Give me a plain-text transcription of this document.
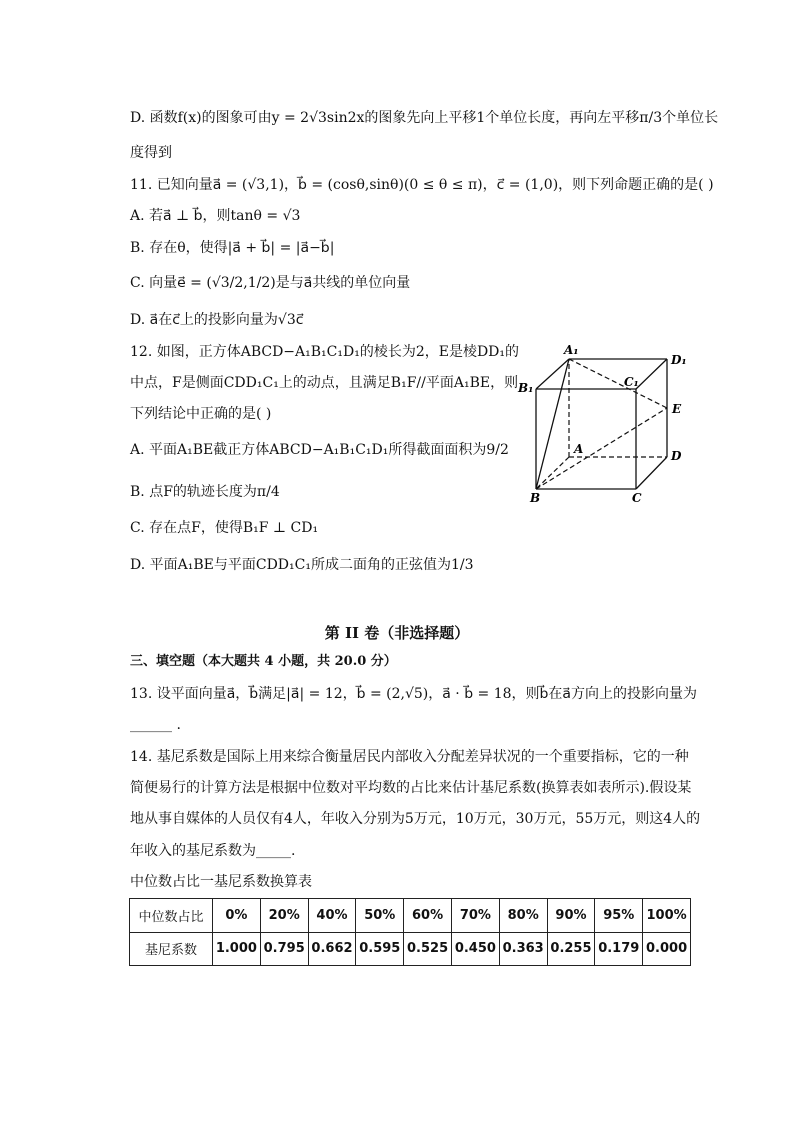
D. 函数f(x)的图象可由y = 2√3sin2x的图象先向上平移1个单位长度，再向左平移π/3个单位长
度得到
11. 已知向量a⃗ = (√3,1)，b⃗ = (cosθ,sinθ)(0 ≤ θ ≤ π)，c⃗ = (1,0)，则下列命题正确的是( )
A. 若a⃗ ⊥ b⃗，则tanθ = √3
B. 存在θ，使得|a⃗ + b⃗| = |a⃗−b⃗|
C. 向量e⃗ = (√3/2,1/2)是与a⃗共线的单位向量
D. a⃗在c⃗上的投影向量为√3c⃗
12. 如图，正方体ABCD−A₁B₁C₁D₁的棱长为2，E是棱DD₁的
中点，F是侧面CDD₁C₁上的动点，且满足B₁F//平面A₁BE，则
下列结论中正确的是( )
A. 平面A₁BE截正方体ABCD−A₁B₁C₁D₁所得截面面积为9/2
B. 点F的轨迹长度为π/4
C. 存在点F，使得B₁F ⊥ CD₁
D. 平面A₁BE与平面CDD₁C₁所成二面角的正弦值为1/3
A₁
D₁
B₁	C₁
E
A	D
B	C
第 II 卷（非选择题）
三、填空题（本大题共 4 小题，共 20.0 分）
13. 设平面向量a⃗，b⃗满足|a⃗| = 12，b⃗ = (2,√5)，a⃗ · b⃗ = 18，则b⃗在a⃗方向上的投影向量为
______ .
14. 基尼系数是国际上用来综合衡量居民内部收入分配差异状况的一个重要指标，它的一种
简便易行的计算方法是根据中位数对平均数的占比来估计基尼系数(换算表如表所示).假设某
地从事自媒体的人员仅有4人，年收入分别为5万元，10万元，30万元，55万元，则这4人的
年收入的基尼系数为_____.
中位数占比一基尼系数换算表
中位数占比	0%	20%	40%	50%	60%	70%	80%	90%	95%	100%
基尼系数	1.000	0.795	0.662	0.595	0.525	0.450	0.363	0.255	0.179	0.000
